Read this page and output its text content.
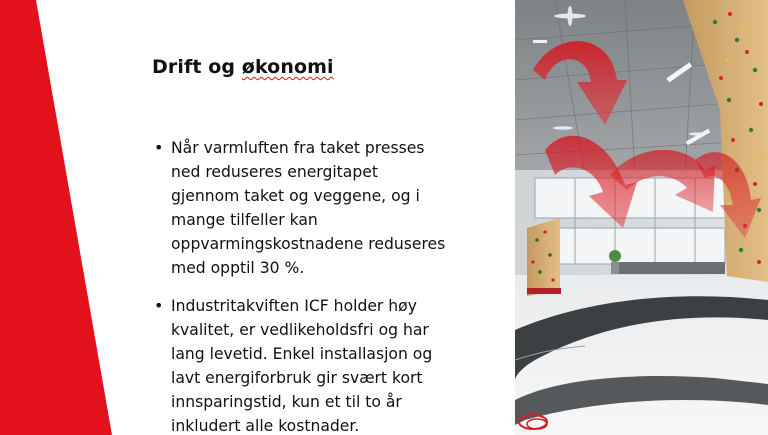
Drift og økonomi
• Når varmluften fra taket presses
ned reduseres energitapet
gjennom taket og veggene, og i
mange tilfeller kan
oppvarmingskostnadene reduseres
med opptil 30 %.
• Industritakviften ICF holder høy
kvalitet, er vedlikeholdsfri og har
lang levetid. Enkel installasjon og
lavt energiforbruk gir svært kort
innsparingstid, kun et til to år
inkludert alle kostnader.
